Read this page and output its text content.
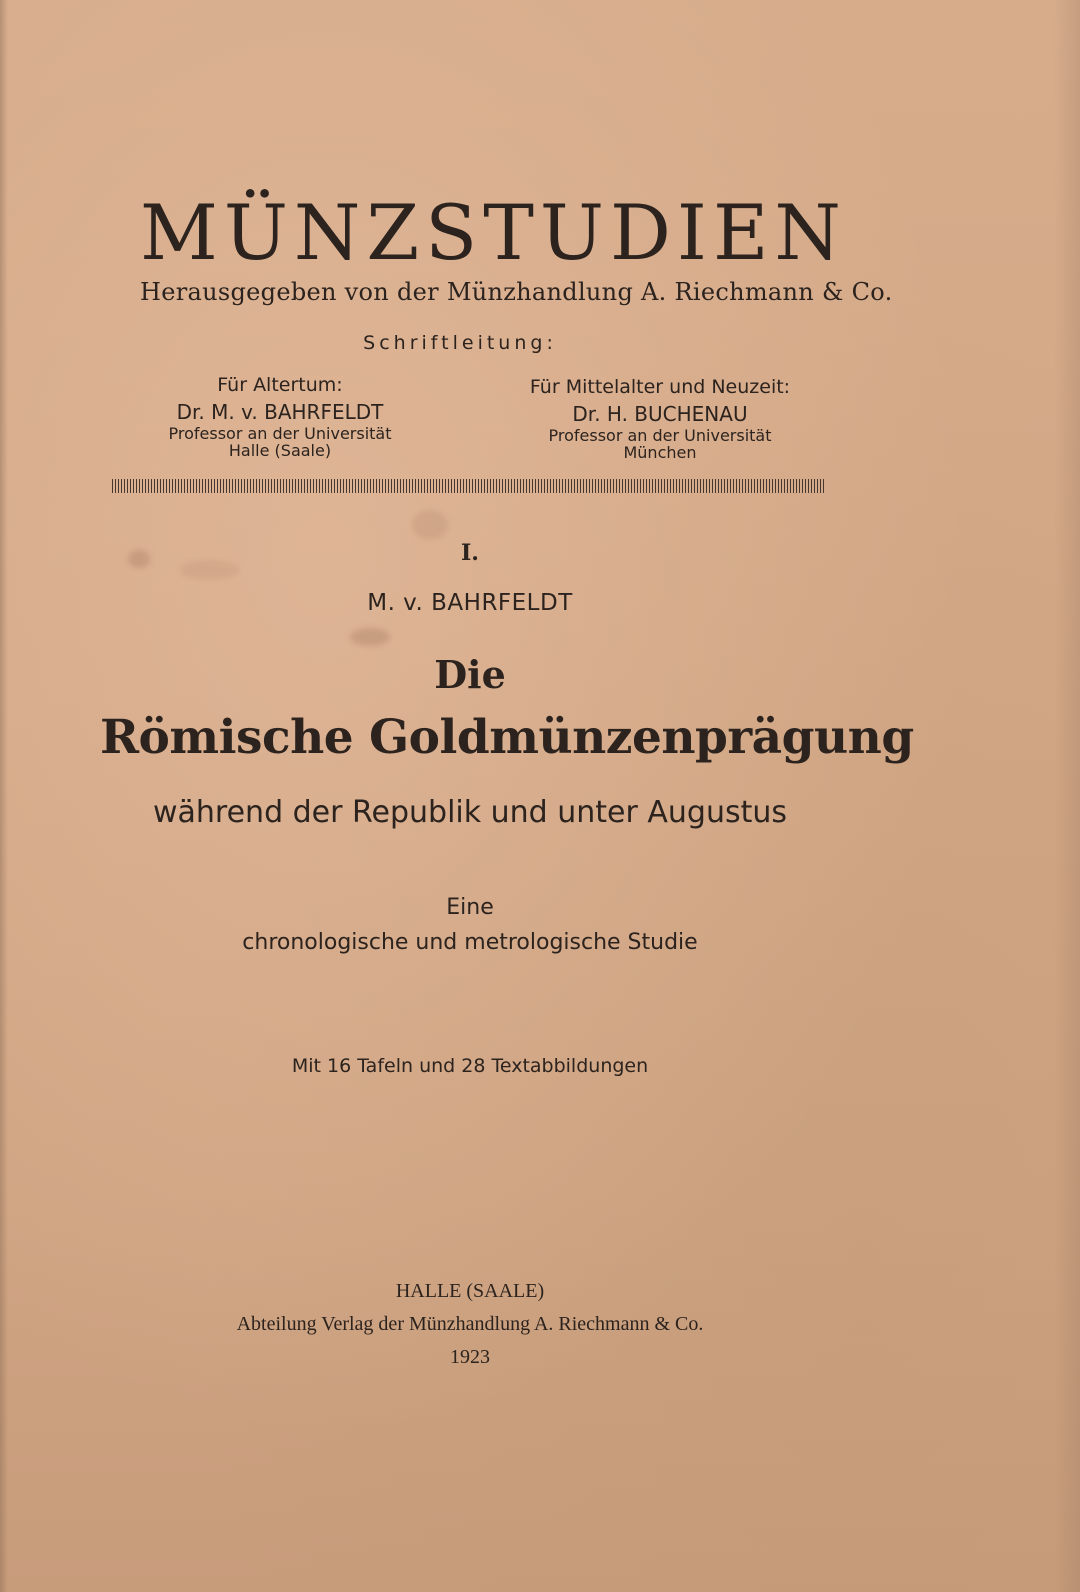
MÜNZSTUDIEN
Herausgegeben von der Münzhandlung A. Riechmann & Co.
Schriftleitung:
Für Altertum:
Dr. M. v. BAHRFELDT
Professor an der Universität
Halle (Saale)
Für Mittelalter und Neuzeit:
Dr. H. BUCHENAU
Professor an der Universität
München
I.
M. v. BAHRFELDT
Die
Römische Goldmünzenprägung
während der Republik und unter Augustus
Eine
chronologische und metrologische Studie
Mit 16 Tafeln und 28 Textabbildungen
HALLE (SAALE)
Abteilung Verlag der Münzhandlung A. Riechmann & Co.
1923
